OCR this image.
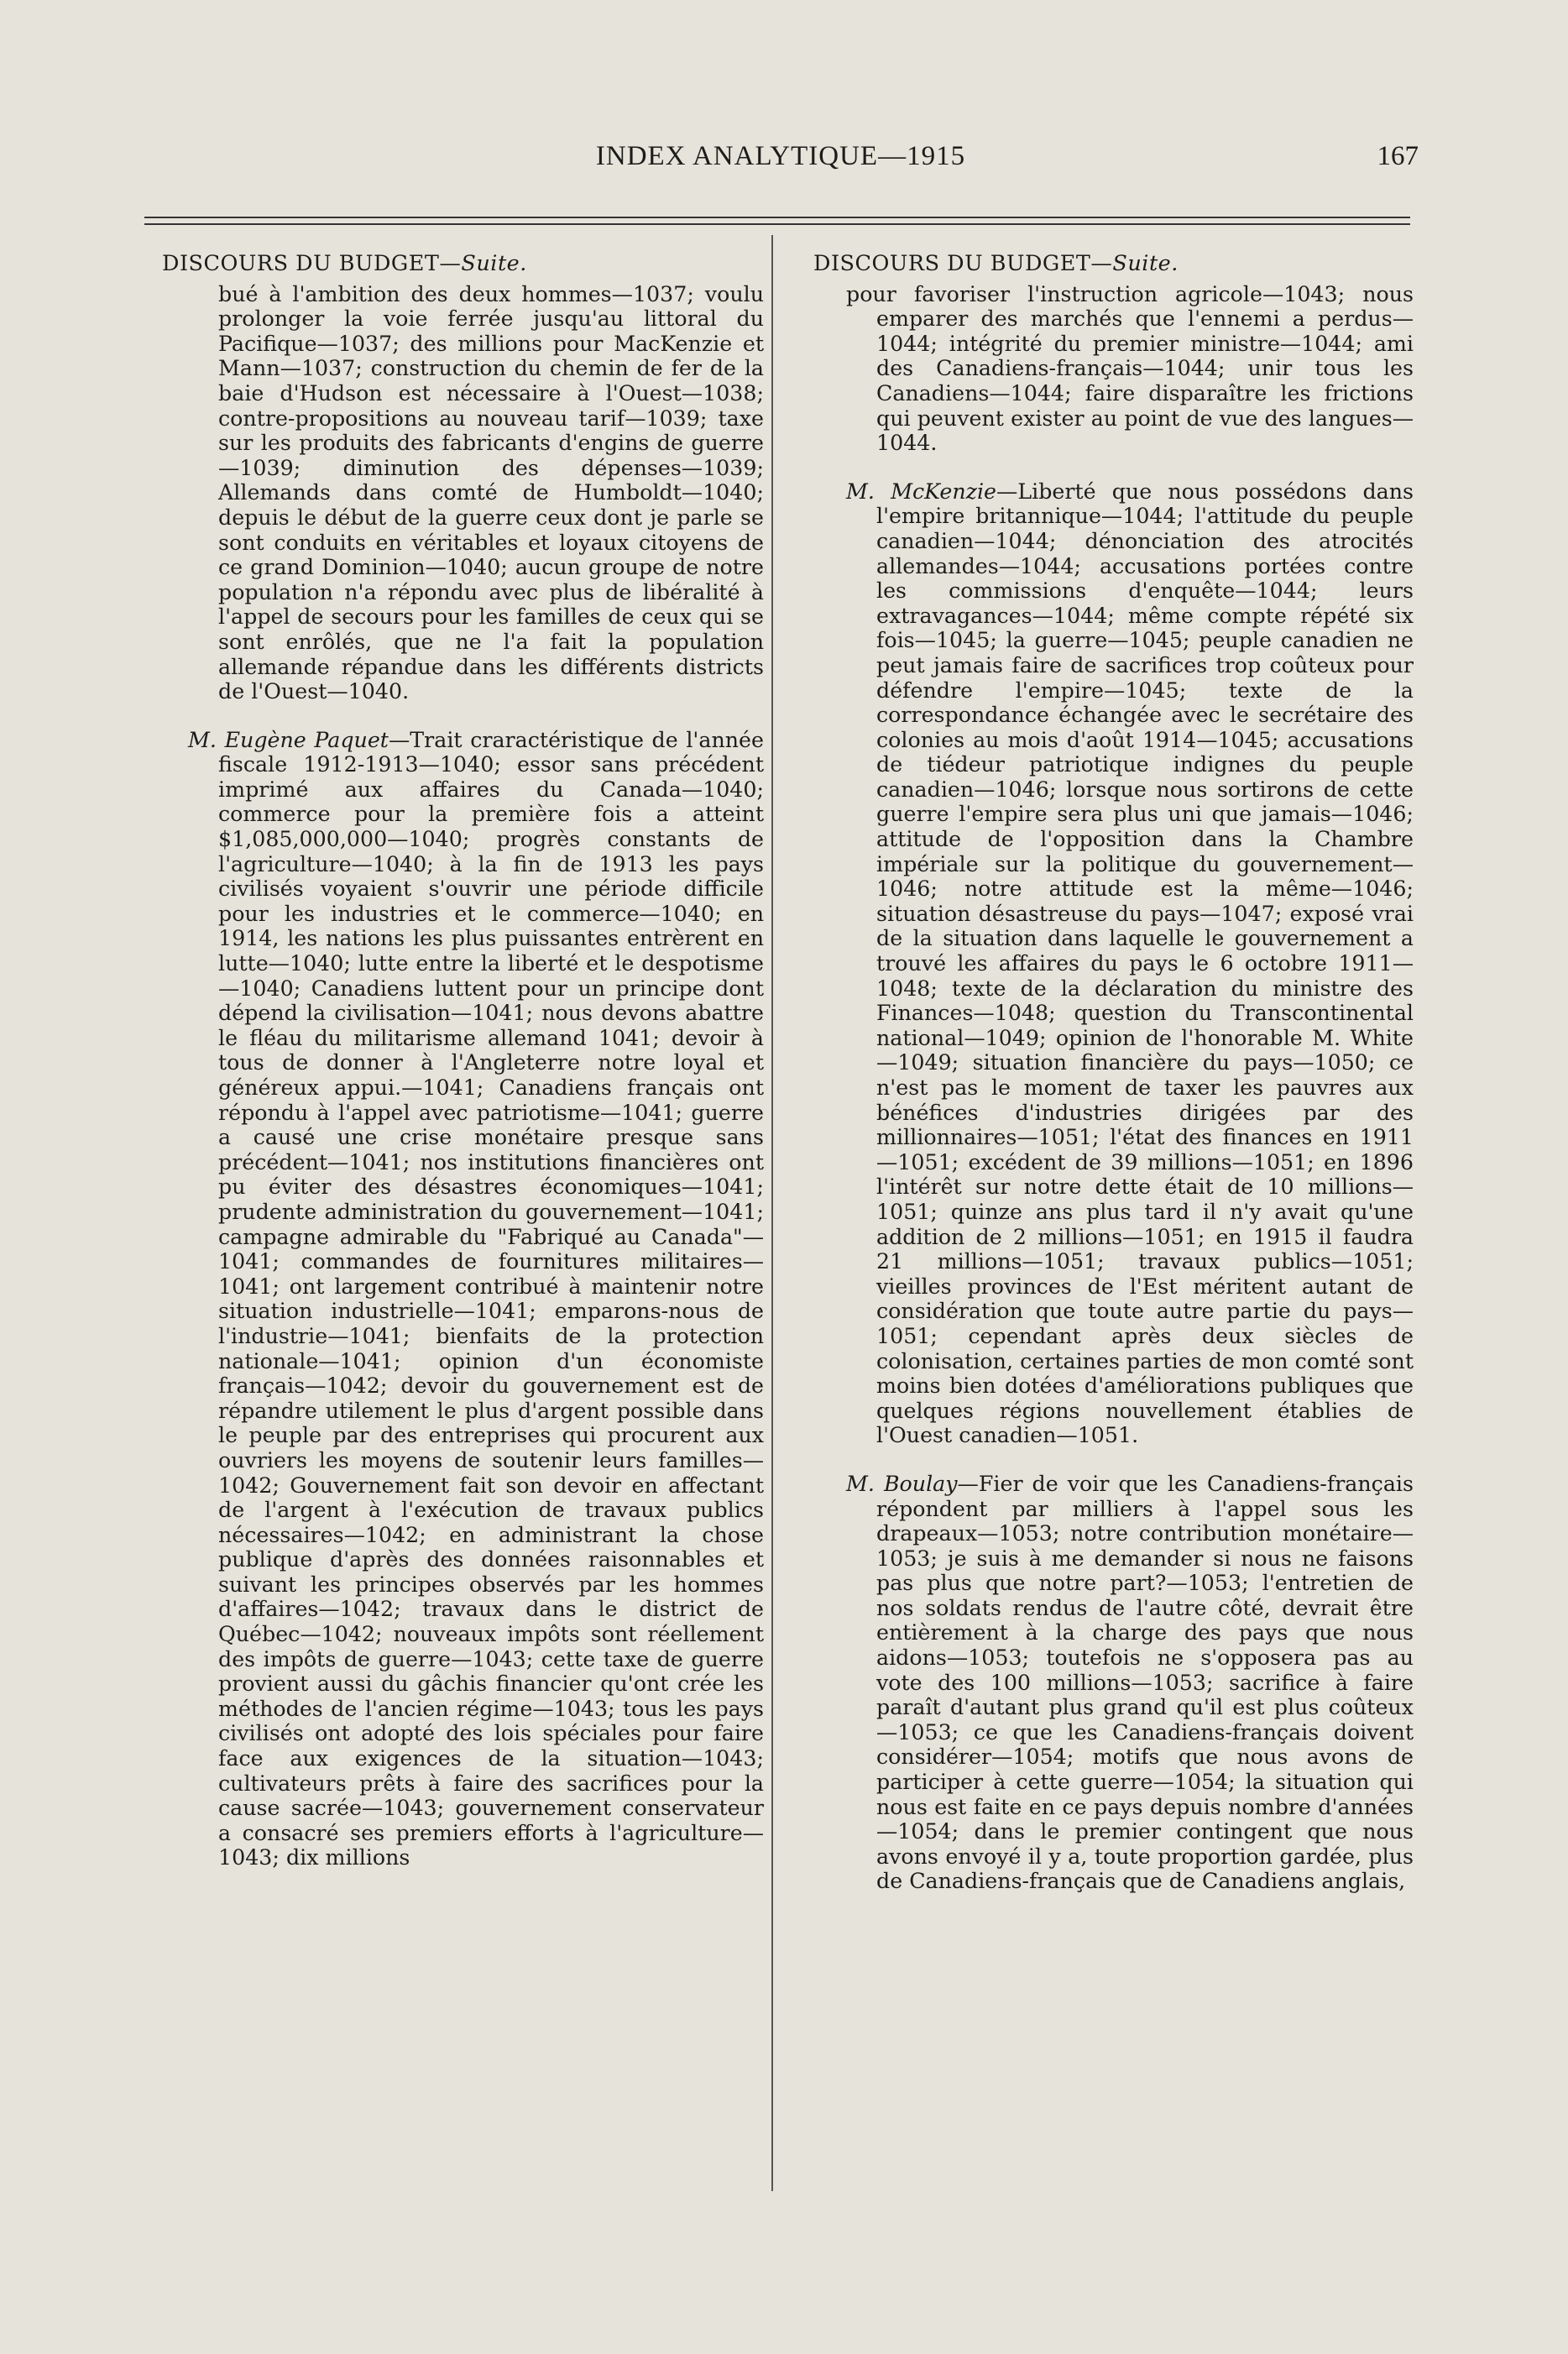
INDEX ANALYTIQUE—1915	167
DISCOURS DU BUDGET—Suite.

bué à l'ambition des deux hommes—1037; voulu prolonger la voie ferrée jusqu'au littoral du Pacifique—1037; des millions pour MacKenzie et Mann—1037; construction du chemin de fer de la baie d'Hudson est nécessaire à l'Ouest—1038; contre-propositions au nouveau tarif—1039; taxe sur les produits des fabricants d'engins de guerre—1039; diminution des dépenses—1039; Allemands dans comté de Humboldt—1040; depuis le début de la guerre ceux dont je parle se sont conduits en véritables et loyaux citoyens de ce grand Dominion—1040; aucun groupe de notre population n'a répondu avec plus de libéralité à l'appel de secours pour les familles de ceux qui se sont enrôlés, que ne l'a fait la population allemande répandue dans les différents districts de l'Ouest—1040.

M. Eugène Paquet—Trait craractéristique de l'année fiscale 1912-1913—1040; essor sans précédent imprimé aux affaires du Canada—1040; commerce pour la première fois a atteint $1,085,000,000—1040; progrès constants de l'agriculture—1040; à la fin de 1913 les pays civilisés voyaient s'ouvrir une période difficile pour les industries et le commerce—1040; en 1914, les nations les plus puissantes entrèrent en lutte—1040; lutte entre la liberté et le despotisme—1040; Canadiens luttent pour un principe dont dépend la civilisation—1041; nous devons abattre le fléau du militarisme allemand 1041; devoir à tous de donner à l'Angleterre notre loyal et généreux appui.—1041; Canadiens français ont répondu à l'appel avec patriotisme—1041; guerre a causé une crise monétaire presque sans précédent—1041; nos institutions financières ont pu éviter des désastres économiques—1041; prudente administration du gouvernement—1041; campagne admirable du "Fabriqué au Canada"—1041; commandes de fournitures militaires—1041; ont largement contribué à maintenir notre situation industrielle—1041; emparons-nous de l'industrie—1041; bienfaits de la protection nationale—1041; opinion d'un économiste français—1042; devoir du gouvernement est de répandre utilement le plus d'argent possible dans le peuple par des entreprises qui procurent aux ouvriers les moyens de soutenir leurs familles—1042; Gouvernement fait son devoir en affectant de l'argent à l'exécution de travaux publics nécessaires—1042; en administrant la chose publique d'après des données raisonnables et suivant les principes observés par les hommes d'affaires—1042; travaux dans le district de Québec—1042; nouveaux impôts sont réellement des impôts de guerre—1043; cette taxe de guerre provient aussi du gâchis financier qu'ont crée les méthodes de l'ancien régime—1043; tous les pays civilisés ont adopté des lois spéciales pour faire face aux exigences de la situation—1043; cultivateurs prêts à faire des sacrifices pour la cause sacrée—1043; gouvernement conservateur a consacré ses premiers efforts à l'agriculture—1043; dix millions

DISCOURS DU BUDGET—Suite.

pour favoriser l'instruction agricole—1043; nous emparer des marchés que l'ennemi a perdus—1044; intégrité du premier ministre—1044; ami des Canadiens-français—1044; unir tous les Canadiens—1044; faire disparaître les frictions qui peuvent exister au point de vue des langues—1044.

M. McKenzie—Liberté que nous possédons dans l'empire britannique—1044; l'attitude du peuple canadien—1044; dénonciation des atrocités allemandes—1044; accusations portées contre les commissions d'enquête—1044; leurs extravagances—1044; même compte répété six fois—1045; la guerre—1045; peuple canadien ne peut jamais faire de sacrifices trop coûteux pour défendre l'empire—1045; texte de la correspondance échangée avec le secrétaire des colonies au mois d'août 1914—1045; accusations de tiédeur patriotique indignes du peuple canadien—1046; lorsque nous sortirons de cette guerre l'empire sera plus uni que jamais—1046; attitude de l'opposition dans la Chambre impériale sur la politique du gouvernement—1046; notre attitude est la même—1046; situation désastreuse du pays—1047; exposé vrai de la situation dans laquelle le gouvernement a trouvé les affaires du pays le 6 octobre 1911—1048; texte de la déclaration du ministre des Finances—1048; question du Transcontinental national—1049; opinion de l'honorable M. White—1049; situation financière du pays—1050; ce n'est pas le moment de taxer les pauvres aux bénéfices d'industries dirigées par des millionnaires—1051; l'état des finances en 1911—1051; excédent de 39 millions—1051; en 1896 l'intérêt sur notre dette était de 10 millions—1051; quinze ans plus tard il n'y avait qu'une addition de 2 millions—1051; en 1915 il faudra 21 millions—1051; travaux publics—1051; vieilles provinces de l'Est méritent autant de considération que toute autre partie du pays—1051; cependant après deux siècles de colonisation, certaines parties de mon comté sont moins bien dotées d'améliorations publiques que quelques régions nouvellement établies de l'Ouest canadien—1051.

M. Boulay—Fier de voir que les Canadiens-français répondent par milliers à l'appel sous les drapeaux—1053; notre contribution monétaire—1053; je suis à me demander si nous ne faisons pas plus que notre part?—1053; l'entretien de nos soldats rendus de l'autre côté, devrait être entièrement à la charge des pays que nous aidons—1053; toutefois ne s'opposera pas au vote des 100 millions—1053; sacrifice à faire paraît d'autant plus grand qu'il est plus coûteux—1053; ce que les Canadiens-français doivent considérer—1054; motifs que nous avons de participer à cette guerre—1054; la situation qui nous est faite en ce pays depuis nombre d'années—1054; dans le premier contingent que nous avons envoyé il y a, toute proportion gardée, plus de Canadiens-français que de Canadiens anglais,
